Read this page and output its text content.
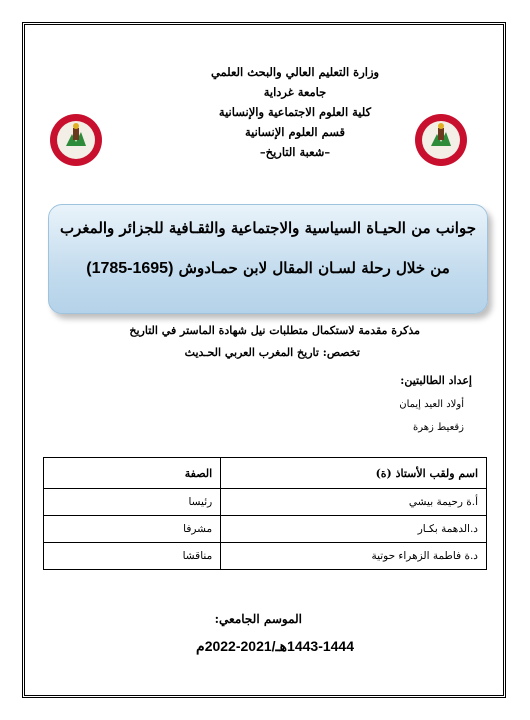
وزارة التعليم العالي والبحث العلمي
جامعة غرداية
كلية العلوم الاجتماعية والإنسانية
قسم العلوم الإنسانية
–شعبة التاريخ–
جوانب من الحيـاة السياسية والاجتماعية والثقـافية للجزائر والمغرب
من خلال رحلة لسـان المقال لابن حمـادوش (1695-1785)
مذكرة مقدمة لاستكمال متطلبات نيل شهادة الماستر في التاريخ
تخصص: تاريخ المغرب العربي الحـديث
إعداد الطالبتين:
أولاد العيد إيمان
زقعيط زهرة
اسم ولقب الأستاذ (ة)	الصفة
أ.ة رحيمة بيشي	رئيسا
د.الدهمة بكـار	مشرفا
د.ة فاطمة الزهراء حوتية	مناقشا
الموسم الجامعي:
1443-1444هـ/2021-2022م
